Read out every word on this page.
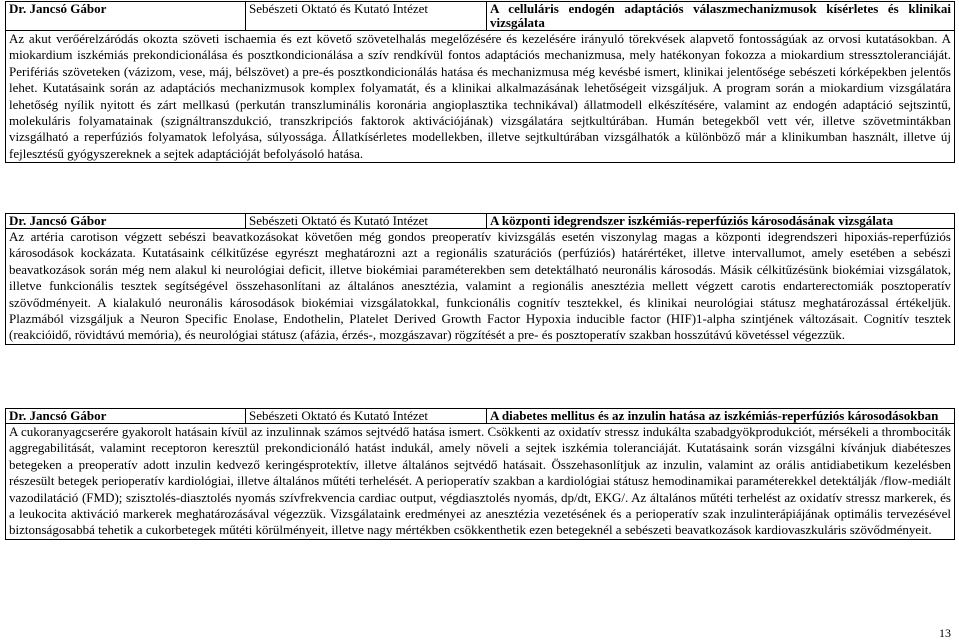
Dr. Jancsó Gábor	Sebészeti Oktató és Kutató Intézet	A celluláris endogén adaptációs válaszmechanizmusok kísérletes és klinikai vizsgálata
Az akut verőérelzáródás okozta szöveti ischaemia és ezt követő szövetelhalás megelőzésére és kezelésére irányuló törekvések alapvető fontosságúak az orvosi kutatásokban. A miokardium iszkémiás prekondicionálása és posztkondicionálása a szív rendkívül fontos adaptációs mechanizmusa, mely hatékonyan fokozza a miokardium stressztoleranciáját. Perifériás szöveteken (vázizom, vese, máj, bélszövet) a pre-és posztkondicionálás hatása és mechanizmusa még kevésbé ismert, klinikai jelentősége sebészeti kórképekben jelentős lehet. Kutatásaink során az adaptációs mechanizmusok komplex folyamatát, és a klinikai alkalmazásának lehetőségeit vizsgáljuk. A program során a miokardium vizsgálatára lehetőség nyílik nyitott és zárt mellkasú (perkután transzluminális koronária angioplasztika technikával) állatmodell elkészítésére, valamint az endogén adaptáció sejtszintű, molekuláris folyamatainak (szignáltranszdukció, transzkripciós faktorok aktivációjának) vizsgálatára sejtkultúrában. Humán betegekből vett vér, illetve szövetmintákban vizsgálható a reperfúziós folyamatok lefolyása, súlyossága. Állatkísérletes modellekben, illetve sejtkultúrában vizsgálhatók a különböző már a klinikumban használt, illetve új fejlesztésű gyógyszereknek a sejtek adaptációját befolyásoló hatása.
Dr. Jancsó Gábor	Sebészeti Oktató és Kutató Intézet	A központi idegrendszer iszkémiás-reperfúziós károsodásának vizsgálata
Az artéria carotison végzett sebészi beavatkozásokat követően még gondos preoperatív kivizsgálás esetén viszonylag magas a központi idegrendszeri hipoxiás-reperfúziós károsodások kockázata. Kutatásaink célkitűzése egyrészt meghatározni azt a regionális szaturációs (perfúziós) határértéket, illetve intervallumot, amely esetében a sebészi beavatkozások során még nem alakul ki neurológiai deficit, illetve biokémiai paraméterekben sem detektálható neuronális károsodás. Másik célkitűzésünk biokémiai vizsgálatok, illetve funkcionális tesztek segítségével összehasonlítani az általános anesztézia, valamint a regionális anesztézia mellett végzett carotis endarterectomiák posztoperatív szövődményeit. A kialakuló neuronális károsodások biokémiai vizsgálatokkal, funkcionális cognitív tesztekkel, és klinikai neurológiai státusz meghatározással értékeljük. Plazmából vizsgáljuk a Neuron Specific Enolase, Endothelin, Platelet Derived Growth Factor Hypoxia inducible factor (HIF)1-alpha szintjének változásait. Cognitív tesztek (reakcióidő, rövidtávú memória), és neurológiai státusz (afázia, érzés-, mozgászavar) rögzítését a pre- és posztoperatív szakban hosszútávú követéssel végezzük.
Dr. Jancsó Gábor	Sebészeti Oktató és Kutató Intézet	A diabetes mellitus és az inzulin hatása az iszkémiás-reperfúziós károsodásokban
A cukoranyagcserére gyakorolt hatásain kívül az inzulinnak számos sejtvédő hatása ismert. Csökkenti az oxidatív stressz indukálta szabadgyökprodukciót, mérsékeli a thrombociták aggregabilitását, valamint receptoron keresztül prekondicionáló hatást indukál, amely növeli a sejtek iszkémia toleranciáját. Kutatásaink során vizsgálni kívánjuk diabéteszes betegeken a preoperatív adott inzulin kedvező keringésprotektív, illetve általános sejtvédő hatásait. Összehasonlítjuk az inzulin, valamint az orális antidiabetikum kezelésben részesült betegek perioperatív kardiológiai, illetve általános műtéti terhelését. A perioperatív szakban a kardiológiai státusz hemodinamikai paraméterekkel detektálják /flow-mediált vazodilatáció (FMD); szisztolés-diasztolés nyomás szívfrekvencia cardiac output, végdiasztolés nyomás, dp/dt, EKG/. Az általános műtéti terhelést az oxidatív stressz markerek, és a leukocita aktiváció markerek meghatározásával végezzük. Vizsgálataink eredményei az anesztézia vezetésének és a perioperatív szak inzulinterápiájának optimális tervezésével biztonságosabbá tehetik a cukorbetegek műtéti körülményeit, illetve nagy mértékben csökkenthetik ezen betegeknél a sebészeti beavatkozások kardiovaszkuláris szövődményeit.
13
